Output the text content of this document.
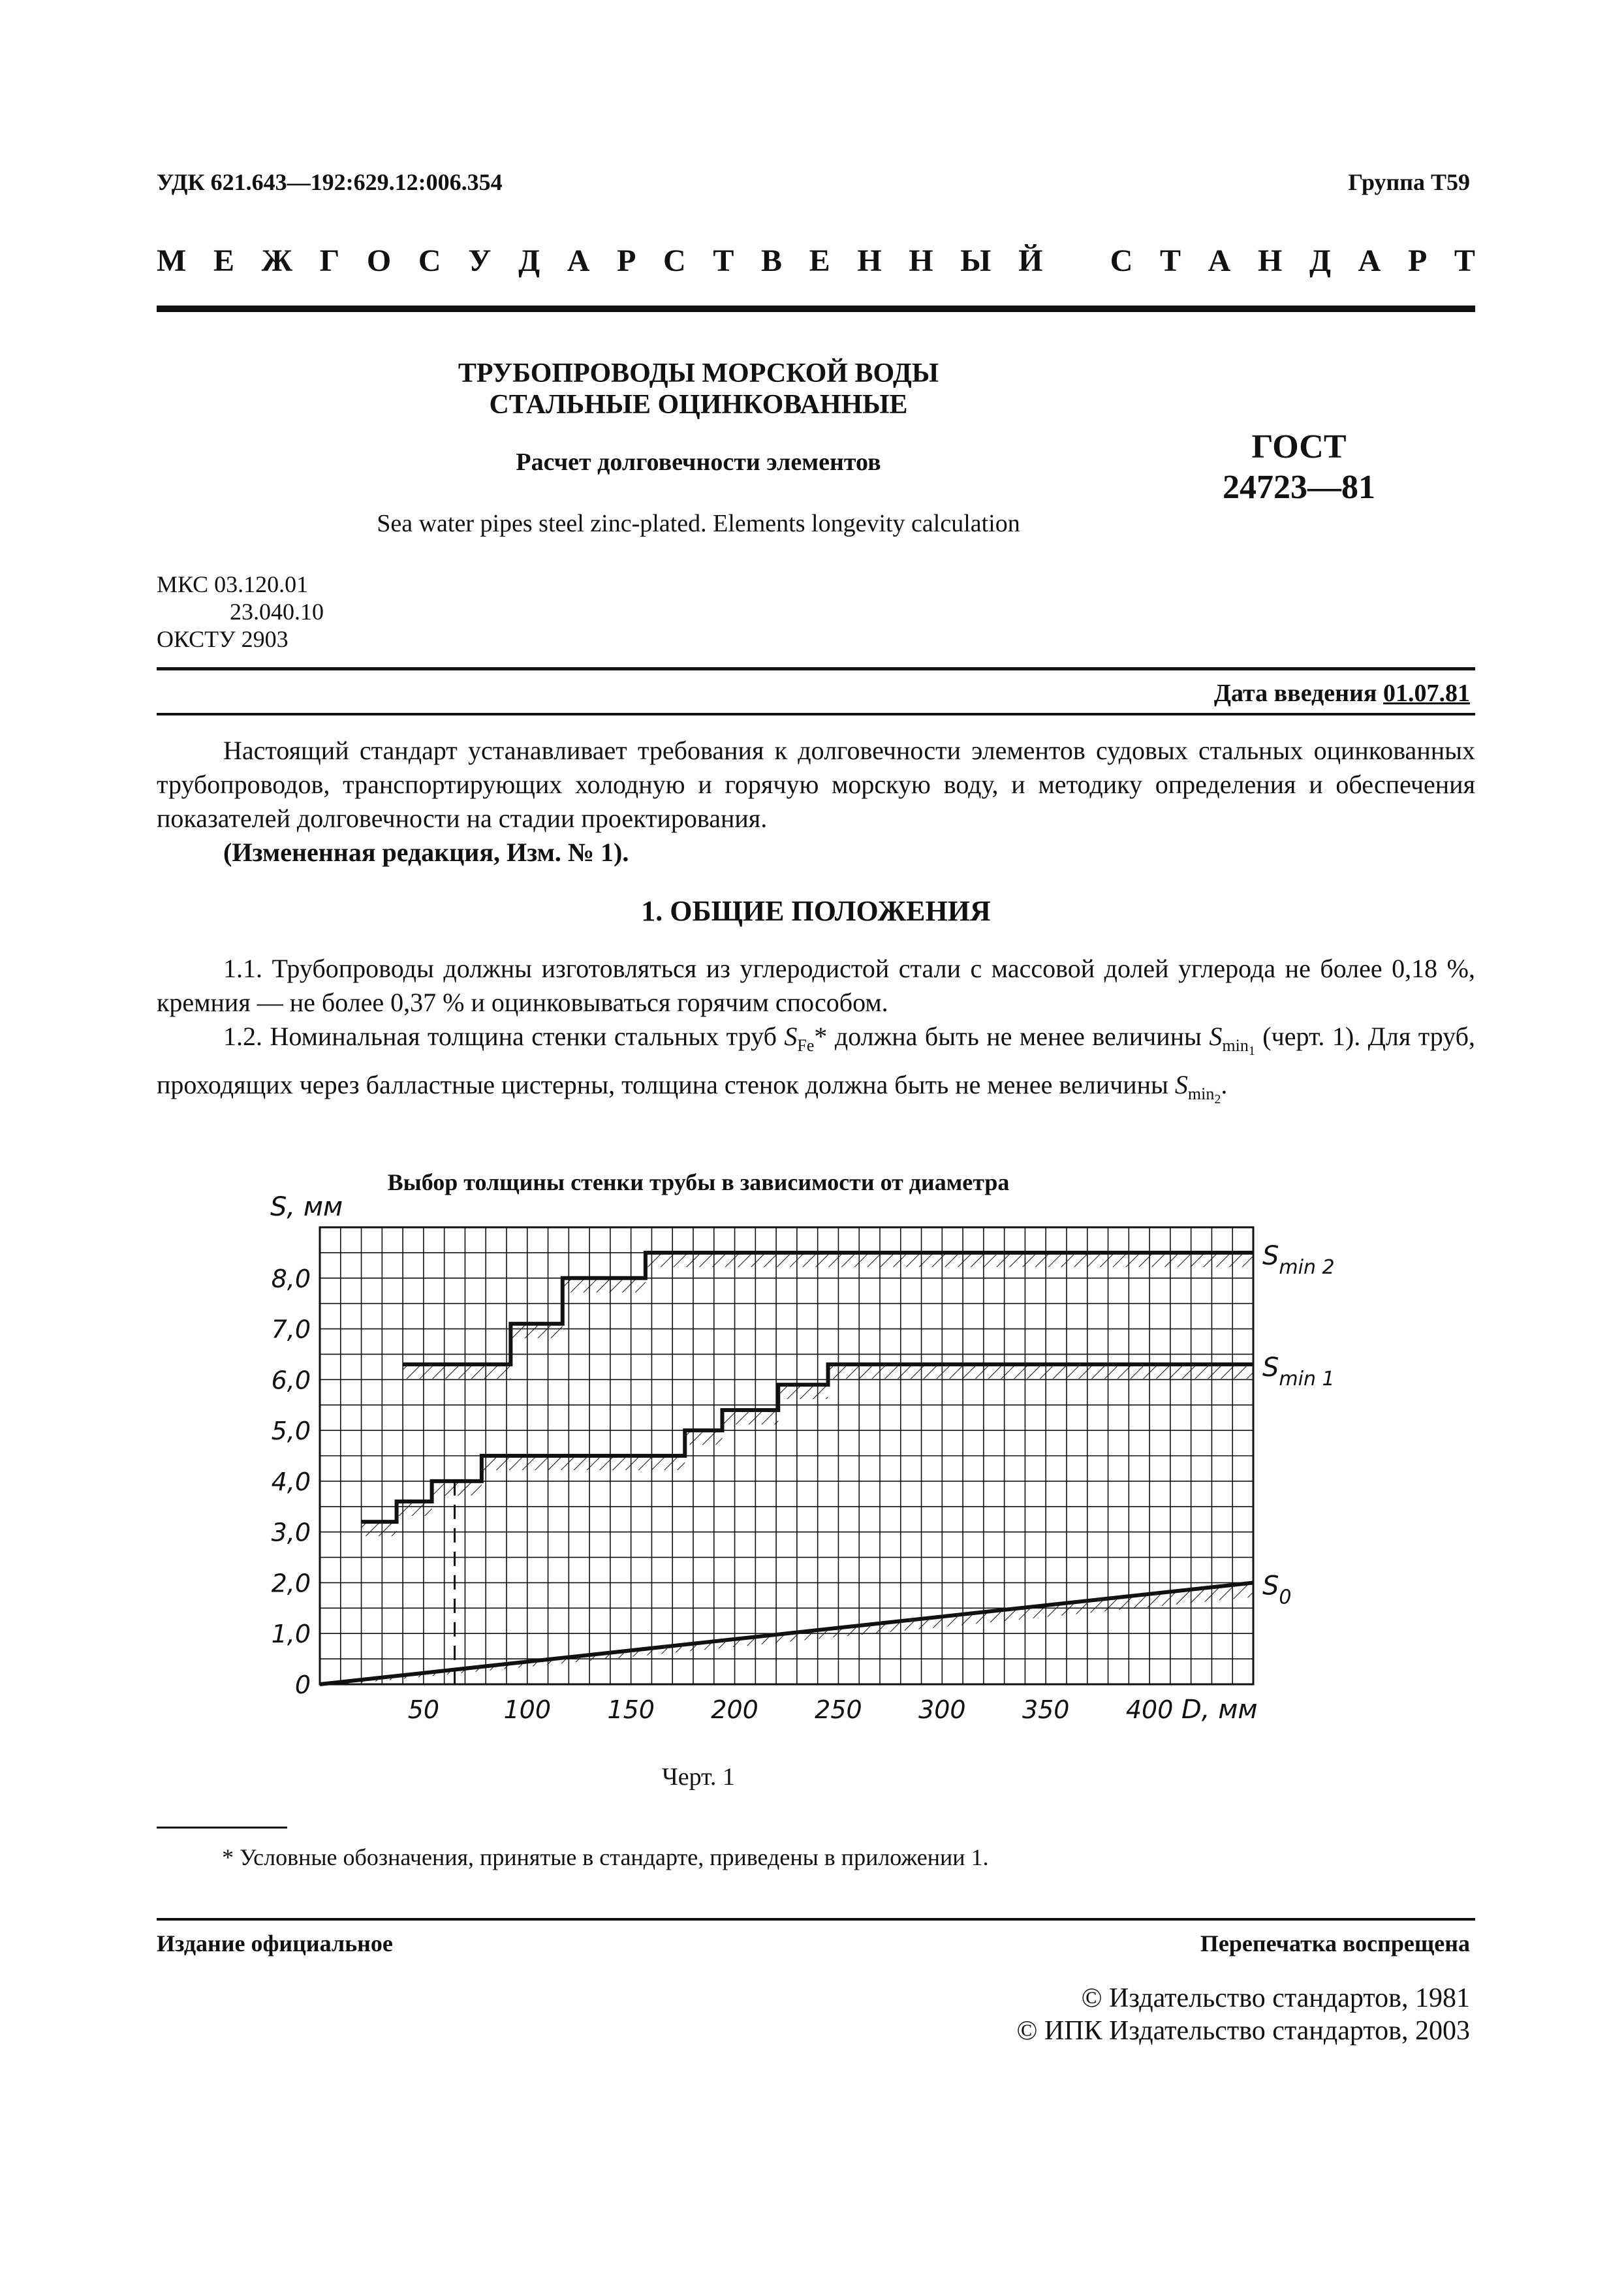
УДК 621.643—192:629.12:006.354	Группа Т59
М Е Ж Г О С У Д А Р С Т В Е Н Н Ы Й С Т А Н Д А Р Т
ТРУБОПРОВОДЫ МОРСКОЙ ВОДЫ
СТАЛЬНЫЕ ОЦИНКОВАННЫЕ
Расчет долговечности элементов
Sea water pipes steel zinc-plated. Elements longevity calculation
ГОСТ
24723—81
МКС 03.120.01
23.040.10
ОКСТУ 2903
Дата введения 01.07.81
Настоящий стандарт устанавливает требования к долговечности элементов судовых стальных оцинкованных трубопроводов, транспортирующих холодную и горячую морскую воду, и методику определения и обеспечения показателей долговечности на стадии проектирования.
(Измененная редакция, Изм. № 1).
1. ОБЩИЕ ПОЛОЖЕНИЯ
1.1. Трубопроводы должны изготовляться из углеродистой стали с массовой долей углерода не более 0,18 %, кремния — не более 0,37 % и оцинковываться горячим способом.
1.2. Номинальная толщина стенки стальных труб $S_{Fe}*$ должна быть не менее величины $S_{min_1}$ (черт. 1). Для труб, проходящих через балластные цистерны, толщина стенок должна быть не менее величины $S_{min_2}$.
Выбор толщины стенки трубы в зависимости от диаметра
S, мм
0
1,0
2,0
3,0
4,0
5,0
6,0
7,0
8,0
50	100 150 200 250 300 350 400 D, мм
$S_{min 2}$
$S_{min 1}$
$S_0$
Черт. 1
* Условные обозначения, принятые в стандарте, приведены в приложении 1.
Издание официальное	Перепечатка воспрещена
© Издательство стандартов, 1981
© ИПК Издательство стандартов, 2003
